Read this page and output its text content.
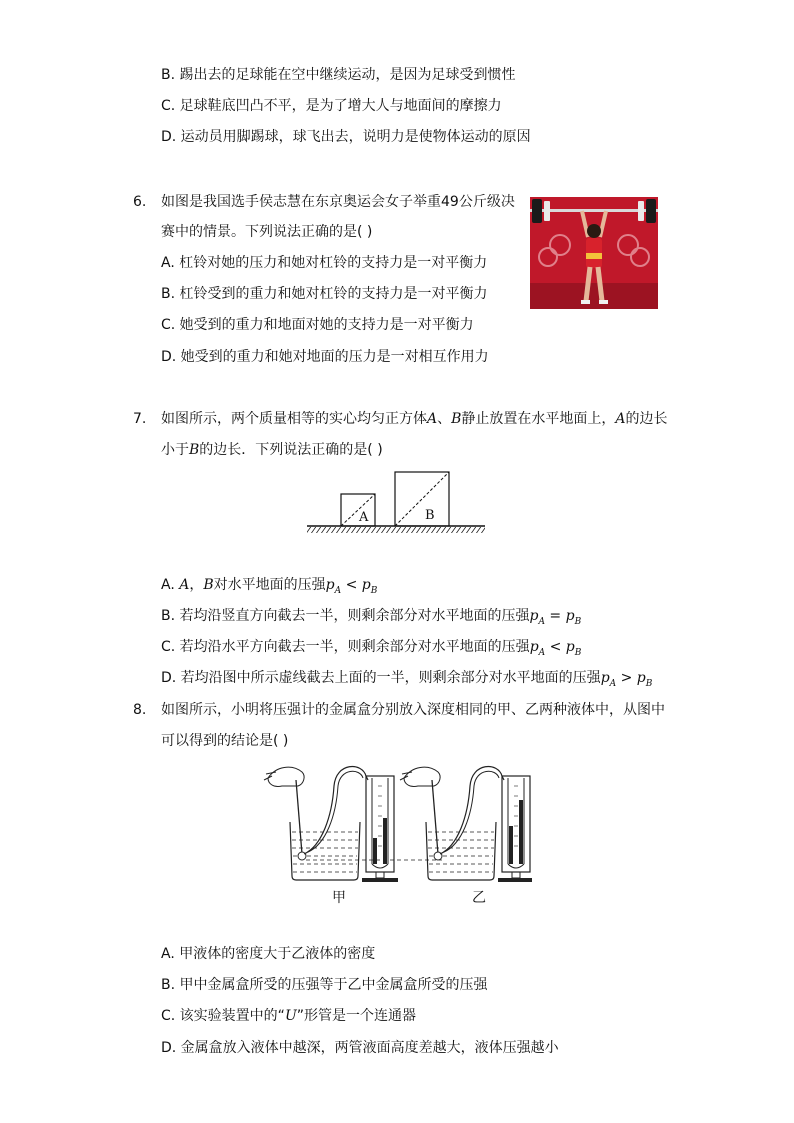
B. 踢出去的足球能在空中继续运动，是因为足球受到惯性
C. 足球鞋底凹凸不平，是为了增大人与地面间的摩擦力
D. 运动员用脚踢球，球飞出去，说明力是使物体运动的原因
6. 如图是我国选手侯志慧在东京奥运会女子举重49公斤级决
赛中的情景。下列说法正确的是( )
A. 杠铃对她的压力和她对杠铃的支持力是一对平衡力
B. 杠铃受到的重力和她对杠铃的支持力是一对平衡力
C. 她受到的重力和地面对她的支持力是一对平衡力
D. 她受到的重力和她对地面的压力是一对相互作用力
7. 如图所示，两个质量相等的实心均匀正方体A、B静止放置在水平地面上，A的边长
小于B的边长．下列说法正确的是( )
A	B
A. A，B对水平地面的压强$p_A < p_B$
B. 若均沿竖直方向截去一半，则剩余部分对水平地面的压强$p_A = p_B$
C. 若均沿水平方向截去一半，则剩余部分对水平地面的压强$p_A < p_B$
D. 若均沿图中所示虚线截去上面的一半，则剩余部分对水平地面的压强$p_A > p_B$
8. 如图所示，小明将压强计的金属盒分别放入深度相同的甲、乙两种液体中，从图中
可以得到的结论是( )
甲	乙
A. 甲液体的密度大于乙液体的密度
B. 甲中金属盒所受的压强等于乙中金属盒所受的压强
C. 该实验装置中的“U”形管是一个连通器
D. 金属盒放入液体中越深，两管液面高度差越大，液体压强越小
